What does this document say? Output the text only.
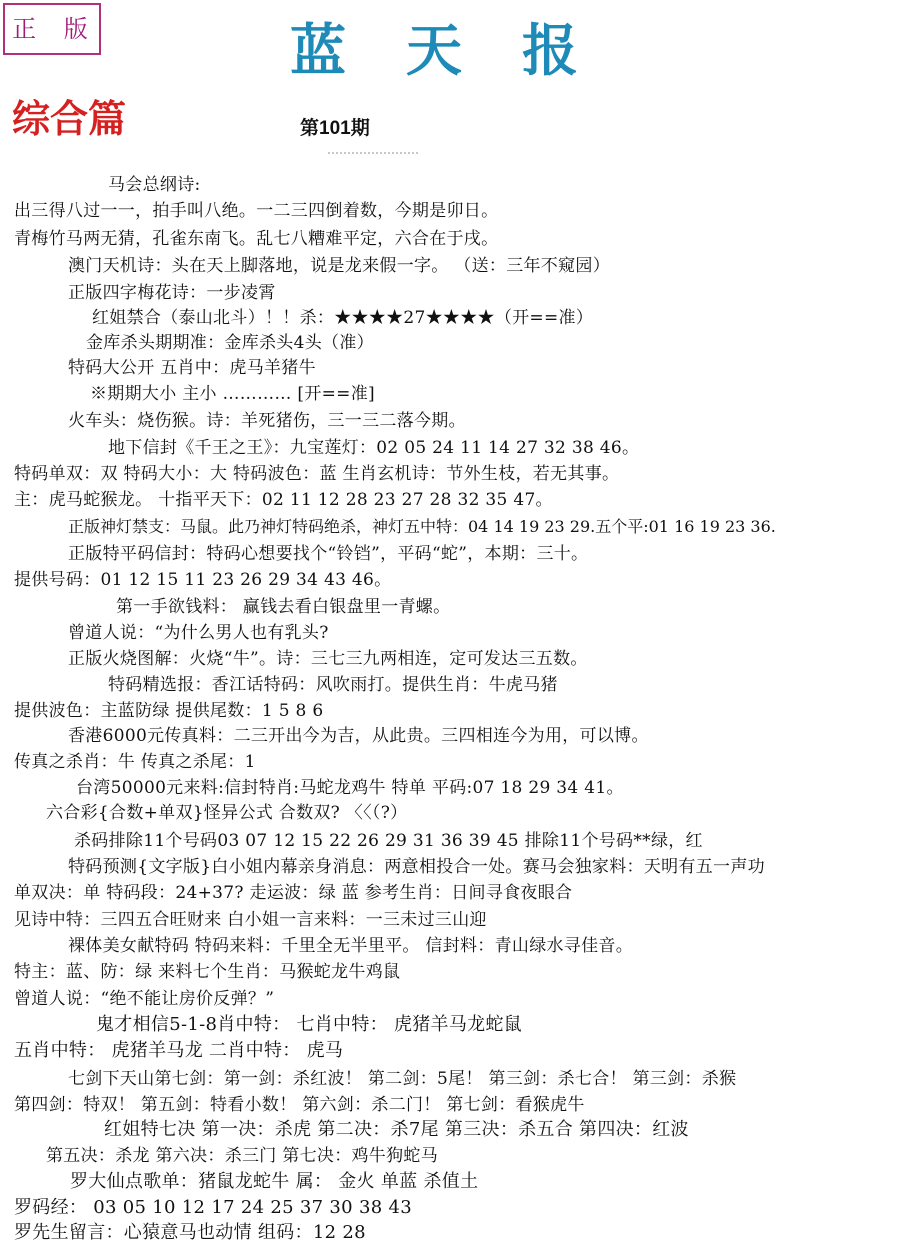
正 版	蓝天报
综合篇	第101期
马会总纲诗:
出三得八过一一，拍手叫八绝。一二三四倒着数，今期是卯日。
青梅竹马两无猜，孔雀东南飞。乱七八糟难平定，六合在于戌。
澳门天机诗：头在天上脚落地，说是龙来假一字。 （送：三年不窥园）
正版四字梅花诗：一步凌霄
红姐禁合（泰山北斗）！！杀：★★★★27★★★★（开==准）
金库杀头期期准：金库杀头4头（准）
特码大公开 五肖中：虎马羊猪牛
※期期大小 主小 ………… [开==准]
火车头：烧伤猴。诗：羊死猪伤，三一三二落今期。
地下信封《千王之王》：九宝莲灯：02 05 24 11 14 27 32 38 46。
特码单双：双 特码大小：大 特码波色：蓝 生肖玄机诗：节外生枝，若无其事。
主：虎马蛇猴龙。 十指平天下：02 11 12 28 23 27 28 32 35 47。
正版神灯禁支：马鼠。此乃神灯特码绝杀，神灯五中特：04 14 19 23 29.五个平:01 16 19 23 36.
正版特平码信封：特码心想要找个“铃铛”，平码“蛇”，本期：三十。
提供号码：01 12 15 11 23 26 29 34 43 46。
第一手欲钱料： 赢钱去看白银盘里一青螺。
曾道人说：“为什么男人也有乳头?
正版火烧图解：火烧“牛”。诗：三七三九两相连，定可发达三五数。
特码精选报：香江话特码：风吹雨打。提供生肖：牛虎马猪
提供波色：主蓝防绿 提供尾数：1 5 8 6
香港6000元传真料：二三开出今为吉，从此贵。三四相连今为用，可以博。
传真之杀肖：牛 传真之杀尾：1
台湾50000元来料:信封特肖:马蛇龙鸡牛 特单 平码:07 18 29 34 41。
六合彩{合数+单双}怪异公式 合数双? 〈〈（?）
杀码排除11个号码03 07 12 15 22 26 29 31 36 39 45 排除11个号码**绿，红
特码预测{文字版}白小姐内幕亲身消息：两意相投合一处。赛马会独家料：天明有五一声功
单双决：单 特码段：24+37? 走运波：绿 蓝 参考生肖：日间寻食夜眼合
见诗中特：三四五合旺财来 白小姐一言来料：一三未过三山迎
裸体美女献特码 特码来料：千里全无半里平。 信封料：青山绿水寻佳音。
特主：蓝、防：绿 来料七个生肖：马猴蛇龙牛鸡鼠
曾道人说：“绝不能让房价反弹？”
鬼才相信5-1-8肖中特： 七肖中特： 虎猪羊马龙蛇鼠
五肖中特： 虎猪羊马龙 二肖中特： 虎马
七剑下天山第七剑：第一剑：杀红波！ 第二剑：5尾！ 第三剑：杀七合！ 第三剑：杀猴
第四剑：特双！ 第五剑：特看小数！ 第六剑：杀二门！ 第七剑：看猴虎牛
红姐特七决 第一决：杀虎 第二决：杀7尾 第三决：杀五合 第四决：红波
第五决：杀龙 第六决：杀三门 第七决：鸡牛狗蛇马
罗大仙点歌单：猪鼠龙蛇牛 属： 金火 单蓝 杀值土
罗码经： 03 05 10 12 17 24 25 37 30 38 43
罗先生留言：心猿意马也动情 组码：12 28
